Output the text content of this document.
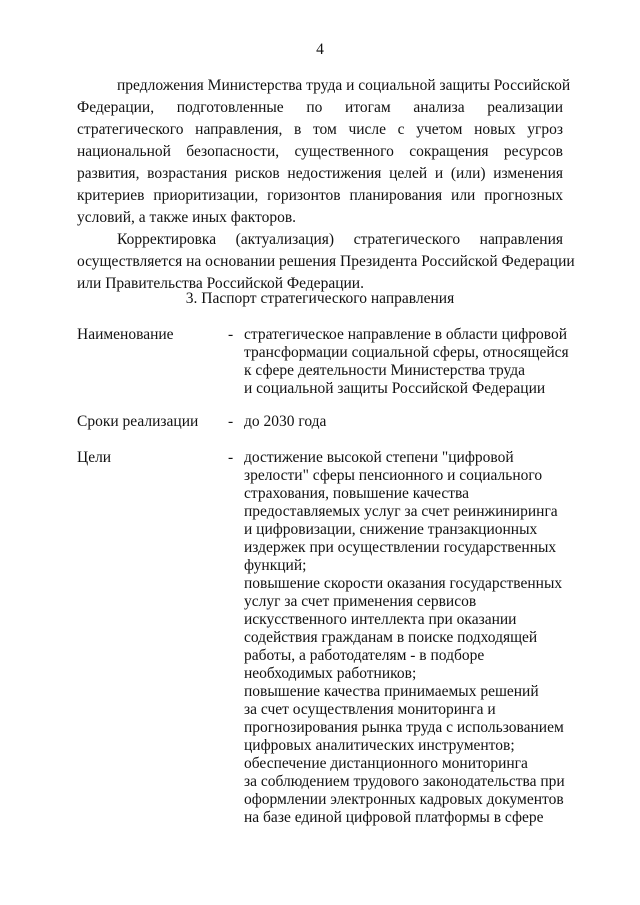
4
предложения Министерства труда и социальной защиты Российской
Федерации, подготовленные по итогам анализа реализации
стратегического направления, в том числе с учетом новых угроз
национальной безопасности, существенного сокращения ресурсов
развития, возрастания рисков недостижения целей и (или) изменения
критериев приоритизации, горизонтов планирования или прогнозных
условий, а также иных факторов.
Корректировка (актуализация) стратегического направления
осуществляется на основании решения Президента Российской Федерации
или Правительства Российской Федерации.
3. Паспорт стратегического направления
Наименование	- стратегическое направление в области цифровой
трансформации социальной сферы, относящейся
к сфере деятельности Министерства труда
и социальной защиты Российской Федерации
Сроки реализации - до 2030 года
Цели	- достижение высокой степени "цифровой
зрелости" сферы пенсионного и социального
страхования, повышение качества
предоставляемых услуг за счет реинжиниринга
и цифровизации, снижение транзакционных
издержек при осуществлении государственных
функций;
повышение скорости оказания государственных
услуг за счет применения сервисов
искусственного интеллекта при оказании
содействия гражданам в поиске подходящей
работы, а работодателям - в подборе
необходимых работников;
повышение качества принимаемых решений
за счет осуществления мониторинга и
прогнозирования рынка труда с использованием
цифровых аналитических инструментов;
обеспечение дистанционного мониторинга
за соблюдением трудового законодательства при
оформлении электронных кадровых документов
на базе единой цифровой платформы в сфере
